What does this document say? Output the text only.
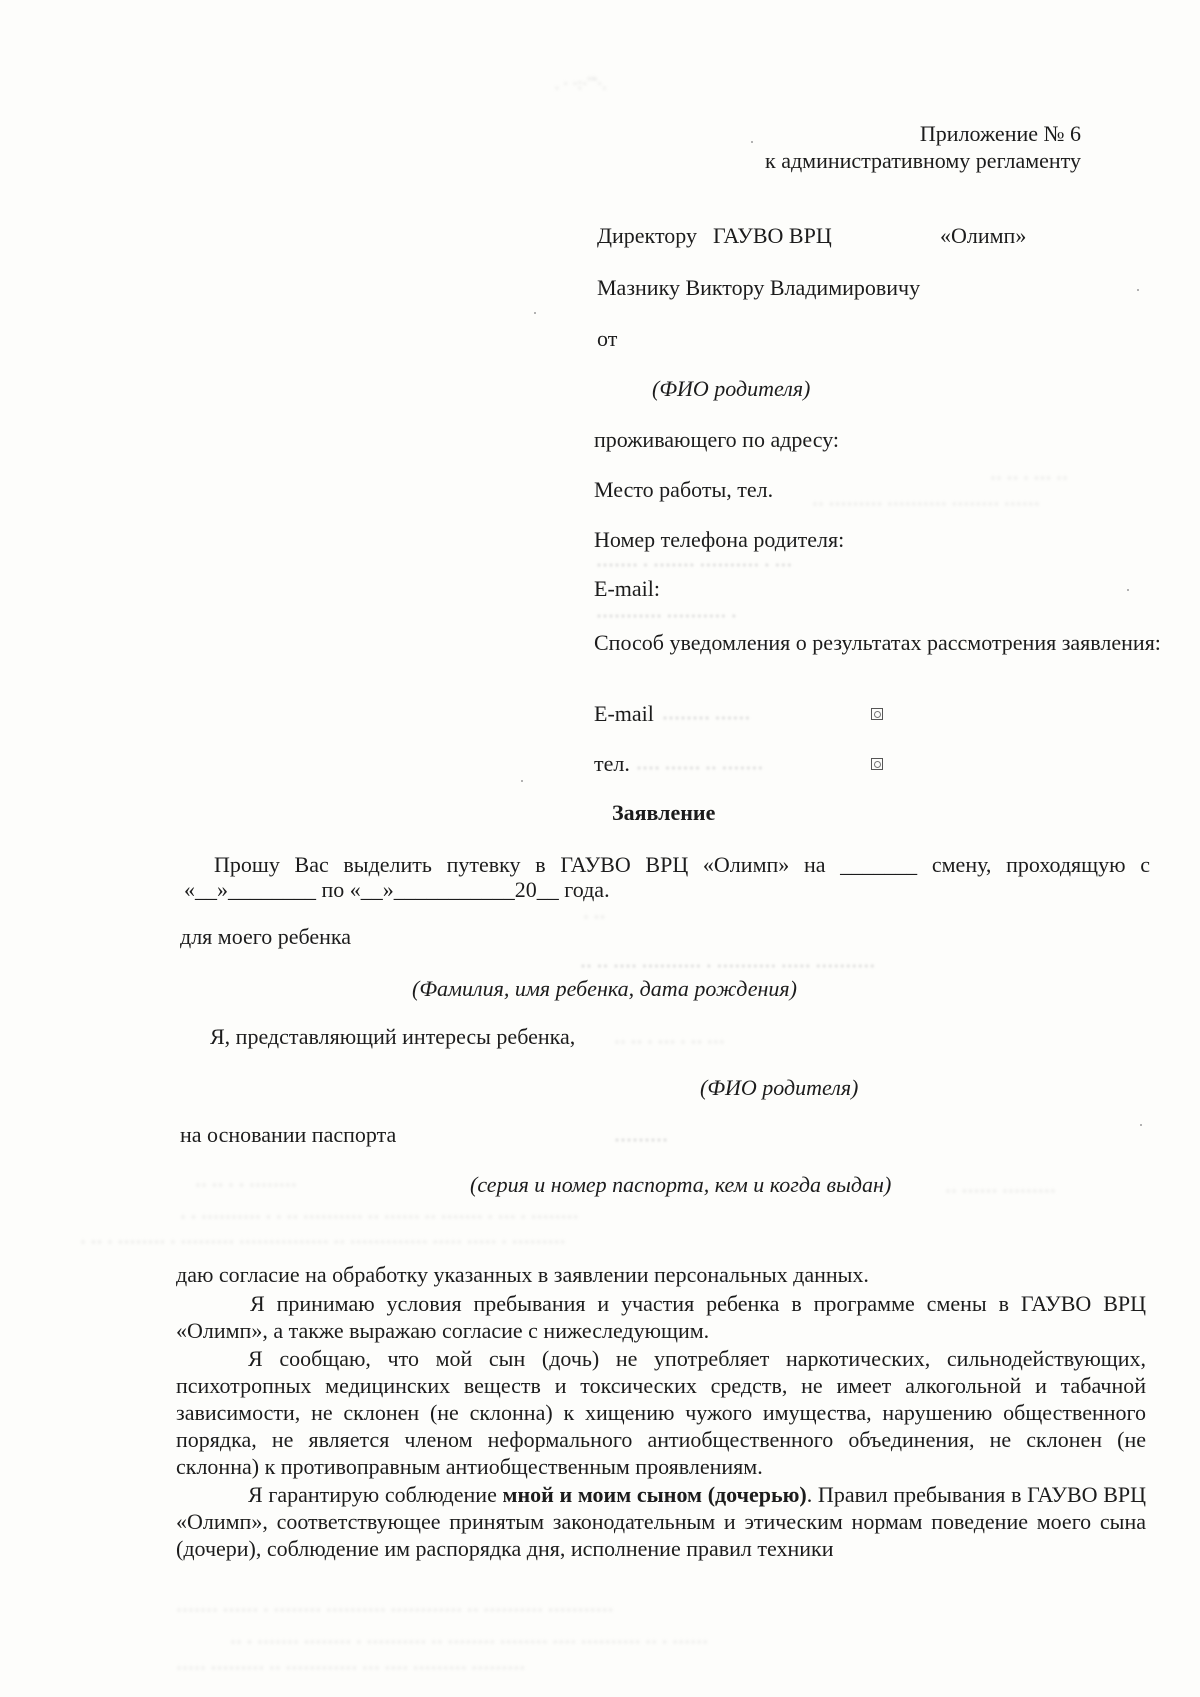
. · ·:·‵‶·.
Приложение № 6
к административному регламенту
Директору ГАУВО ВРЦ	«Олимп»
Мазнику Виктору Владимировичу
от
(ФИО родителя)
проживающего по адресу:
Место работы, тел.	·· ·· · ··· ··
·· ········· ·········· ········ ······
Номер телефона родителя:
······· · ······· ·········· · ···
E-mail:
··········· ·········· ·
Способ уведомления о результатах рассмотрения заявления:
E-mail ········ ······
тел. ···· ······ ·· ·······
Заявление
Прошу Вас выделить путевку в ГАУВО ВРЦ «Олимп» на _______ смену, проходящую с
«__»________ по «__»___________20__ года.
· ··
для моего ребенка
·· ·· ···· ·········· · ·········· ····· ··········
(Фамилия, имя ребенка, дата рождения)
Я, представляющий интересы ребенка, ·· ·· · ··· · ·· ···
(ФИО родителя)
на основании паспорта	·········
(серия и номер паспорта, кем и когда выдан)
·· ·· · · ········	·· ······ ·········
· · ·········· · · ·· ·········· ·· ······ ·· ······· · ··· · ········
· ·· · ········ · ········· ··············· ·· ············· ····· ····· · ·········
даю согласие на обработку указанных в заявлении персональных данных.
Я принимаю условия пребывания и участия ребенка в программе смены в ГАУВО ВРЦ «Олимп», а также выражаю согласие с нижеследующим.
Я сообщаю, что мой сын (дочь) не употребляет наркотических, сильнодействующих, психотропных медицинских веществ и токсических средств, не имеет алкогольной и табачной зависимости, не склонен (не склонна) к хищению чужого имущества, нарушению общественного порядка, не является членом неформального антиобщественного объединения, не склонен (не склонна) к противоправным антиобщественным проявлениям.
Я гарантирую соблюдение мной и моим сыном (дочерью). Правил пребывания в ГАУВО ВРЦ «Олимп», соответствующее принятым законодательным и этическим нормам поведение моего сына (дочери), соблюдение им распорядка дня, исполнение правил техники
······· ······ · ········ ·········· ············ ·· ·········· ···········
·· · ······· ········ · ·········· ·· ········ ········ ···· ·········· ·· · ······
····· ········· ·· ············ ··· ···· ········· ·········
